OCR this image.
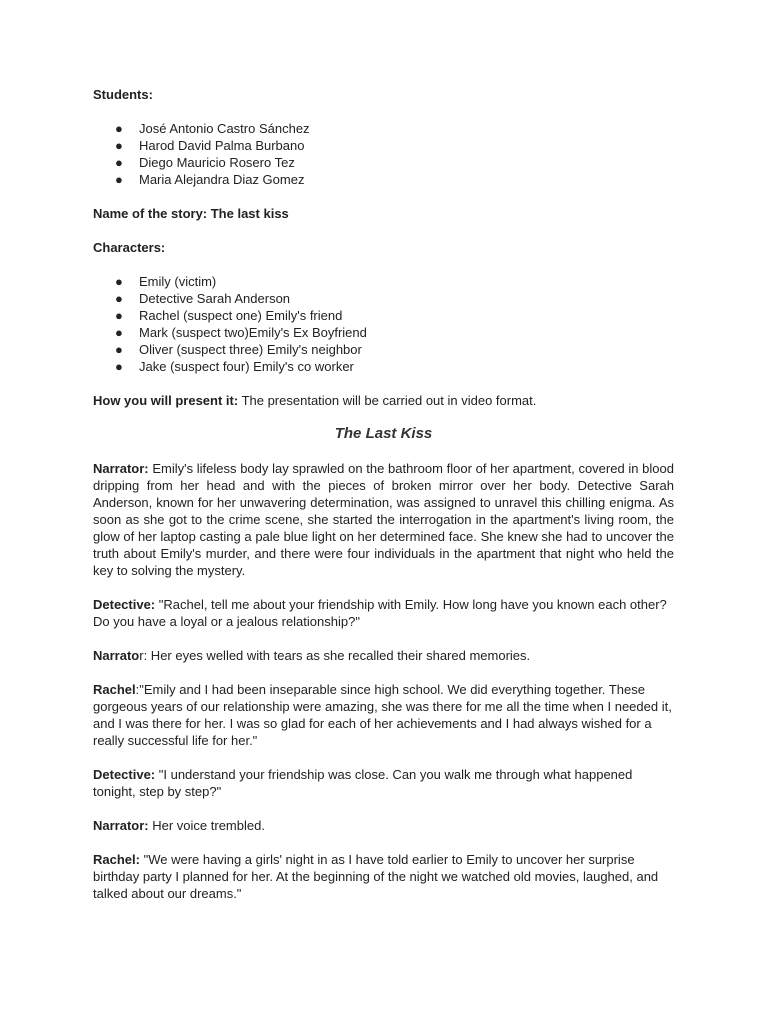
Students:

● José Antonio Castro Sánchez
● Harod David Palma Burbano
● Diego Mauricio Rosero Tez
● Maria Alejandra Diaz Gomez

Name of the story: The last kiss

Characters:

● Emily (victim)
● Detective Sarah Anderson
● Rachel (suspect one) Emily's friend
● Mark (suspect two)Emily's Ex Boyfriend
● Oliver (suspect three) Emily's neighbor
● Jake (suspect four) Emily's co worker

How you will present it: The presentation will be carried out in video format.

The Last Kiss

Narrator: Emily's lifeless body lay sprawled on the bathroom floor of her apartment, covered in blood dripping from her head and with the pieces of broken mirror over her body. Detective Sarah Anderson, known for her unwavering determination, was assigned to unravel this chilling enigma. As soon as she got to the crime scene, she started the interrogation in the apartment's living room, the glow of her laptop casting a pale blue light on her determined face. She knew she had to uncover the truth about Emily's murder, and there were four individuals in the apartment that night who held the key to solving the mystery.

Detective: "Rachel, tell me about your friendship with Emily. How long have you known each other? Do you have a loyal or a jealous relationship?"

Narrator: Her eyes welled with tears as she recalled their shared memories.

Rachel:"Emily and I had been inseparable since high school. We did everything together. These gorgeous years of our relationship were amazing, she was there for me all the time when I needed it, and I was there for her. I was so glad for each of her achievements and I had always wished for a really successful life for her."

Detective: "I understand your friendship was close. Can you walk me through what happened tonight, step by step?"

Narrator: Her voice trembled.

Rachel: "We were having a girls' night in as I have told earlier to Emily to uncover her surprise birthday party I planned for her. At the beginning of the night we watched old movies, laughed, and talked about our dreams."
